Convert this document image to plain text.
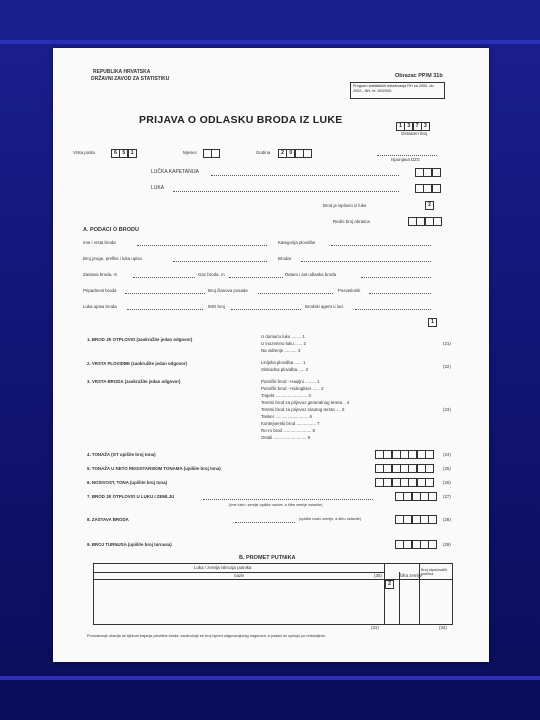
REPUBLIKA HRVATSKA
DRŽAVNI ZAVOD ZA STATISTIKU	Obrazac PP/M 31b
Program statističkih istraživanja RH za 2000. do 2002., NN, br. 60/2000.
PRIJAVA O ODLASKU BRODA IZ LUKE	1	3	7	3
Ostvaren broj
Vrsta posla	6	5	1	Mjesec	Godina	2	0
Ispunjava DZS
LUČKA KAPETANIJA
LUKA
Brod je isplovio iz luke	2
Redni broj obrasca
A. PODACI O BRODU
Ime i vrsta broda	Kategorija plovidbe
Broj pruge, prefiks i luka upisa	Brodar
Zastava broda, m	Gaz broda, m	Datum i sat odlaska broda
Pripadnost broda	Broj članova posade	Posvetionik
Luka upisa broda	IMO broj	Brodski agent u luci
1
1. BROD JE OTPLOVIO (zaokružite jedan odgovor)
U domaću luku ........ 1
U inozemnu luku ...... 2
Na sidrenje .......... 3
(21)
2. VRSTA PLOVIDBE (zaokružite jedan odgovor)	Linijska plovidba ...... 1
Slobodna plovidba ..... 2
(22)
3. VRSTA BRODA (zaokružite jedan odgovor)	Putnički brod - Hauljni ......... 1
Putnički brod - Hidrogliser ...... 2
Trajekt .......................... 3
Teretni brod za prijevoz generalnog tereta .. 4
Teretni brod za prijevoz rasutog tereta .... 5
Tanker ........................... 6
Kontejnerski brod ................ 7
Ro-ro brod ....................... 8
Ostali ........................... 9
(23)
4. TONAŽA (GT upišite broj tona)	(24)
5. TONAŽA U NETO REGISTARSKIM TONAMA (upišite broj tona)	(25)
6. NOSIVOST, TONA (upišite broj tona)	(26)
7. BROD JE OTPLOVIO U LUKU I ZEMLJU
(Ime luke i zemlje upišite nazive, a šifre zemlje ostavite)
(27)
8. ZASTAVA BRODA	(upišite naziv zemlje, a šifru ostavite)	(28)
9. BROJ TURNUSA (upišite broj turnusa)	(29)
B. PROMET PUTNIKA
Luka / zemlja iskrcaja putnika
naziv	(30)	Šifra zemlje
Broj otputovalih putnika
2
(31)	(32)
Promatranje obavlja se tijekom trajanja plovidbe broda; zaokružuje se broj ispred odgovarajućeg odgovora, a podaci se upisuju po redoslijedu.
